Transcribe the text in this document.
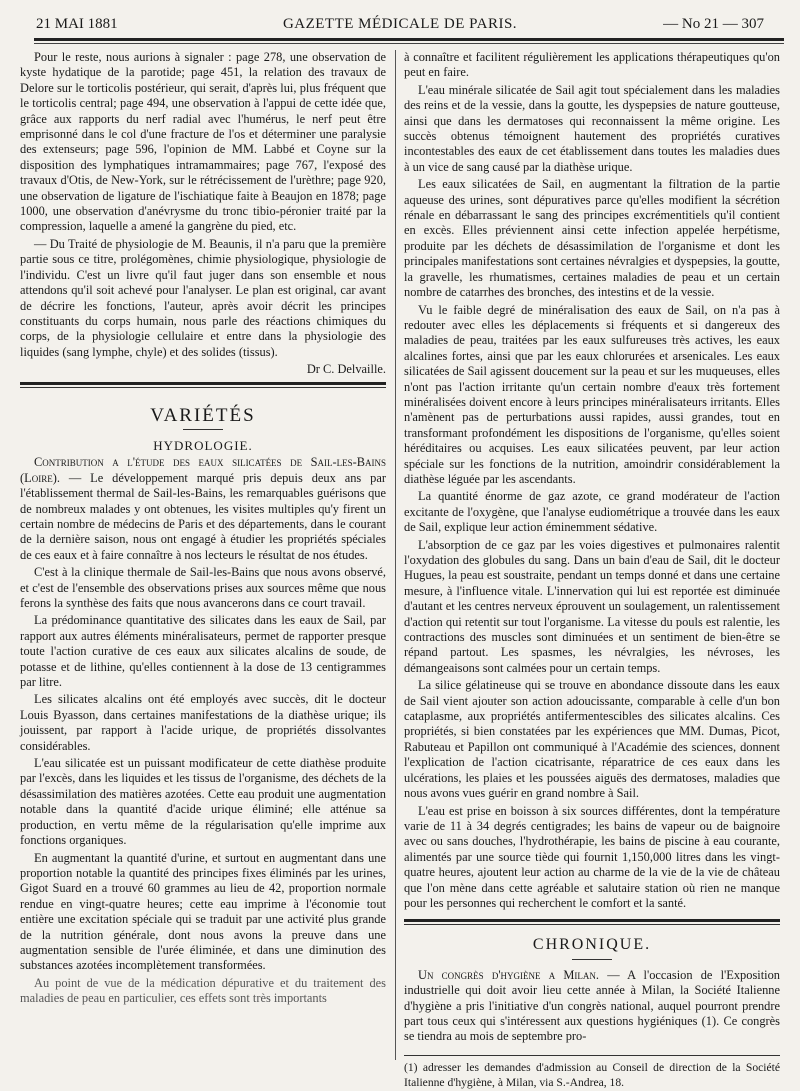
21 MAI 1881	GAZETTE MÉDICALE DE PARIS.	— No 21 — 307

Pour le reste, nous aurions à signaler : page 278, une observation de kyste hydatique de la parotide; page 451, la relation des travaux de Delore sur le torticolis postérieur, qui serait, d'après lui, plus fréquent que le torticolis central; page 494, une observation à l'appui de cette idée que, grâce aux rapports du nerf radial avec l'humérus, le nerf peut être emprisonné dans le col d'une fracture de l'os et déterminer une paralysie des extenseurs; page 596, l'opinion de MM. Labbé et Coyne sur la disposition des lymphatiques intramammaires; page 767, l'exposé des travaux d'Otis, de New-York, sur le rétrécissement de l'urèthre; page 920, une observation de ligature de l'ischiatique faite à Beaujon en 1878; page 1000, une observation d'anévrysme du tronc tibio-péronier traité par la compression, laquelle a amené la gangrène du pied, etc.

— Du Traité de physiologie de M. Beaunis, il n'a paru que la première partie sous ce titre, prolégomènes, chimie physiologique, physiologie de l'individu. C'est un livre qu'il faut juger dans son ensemble et nous attendons qu'il soit achevé pour l'analyser. Le plan est original, car avant de décrire les fonctions, l'auteur, après avoir décrit les principes constituants du corps humain, nous parle des réactions chimiques du corps, de la physiologie cellulaire et entre dans la physiologie des liquides (sang lymphe, chyle) et des solides (tissus).

Dr C. Delvaille.

VARIÉTÉS

HYDROLOGIE.

Contribution a l'étude des eaux silicatées de Sail-les-Bains (Loire). — Le développement marqué pris depuis deux ans par l'établissement thermal de Sail-les-Bains, les remarquables guérisons que de nombreux malades y ont obtenues, les visites multiples qu'y firent un certain nombre de médecins de Paris et des départements, dans le courant de la dernière saison, nous ont engagé à étudier les propriétés spéciales de ces eaux et à faire connaître à nos lecteurs le résultat de nos études.

C'est à la clinique thermale de Sail-les-Bains que nous avons observé, et c'est de l'ensemble des observations prises aux sources même que nous ferons la synthèse des faits que nous avancerons dans ce court travail.

La prédominance quantitative des silicates dans les eaux de Sail, par rapport aux autres éléments minéralisateurs, permet de rapporter presque toute l'action curative de ces eaux aux silicates alcalins de soude, de potasse et de lithine, qu'elles contiennent à la dose de 13 centigrammes par litre.

Les silicates alcalins ont été employés avec succès, dit le docteur Louis Byasson, dans certaines manifestations de la diathèse urique; ils jouissent, par rapport à l'acide urique, de propriétés dissolvantes considérables.

L'eau silicatée est un puissant modificateur de cette diathèse produite par l'excès, dans les liquides et les tissus de l'organisme, des déchets de la désassimilation des matières azotées. Cette eau produit une augmentation notable dans la quantité d'acide urique éliminé; elle atténue sa production, en vertu même de la régularisation qu'elle imprime aux fonctions organiques.

En augmentant la quantité d'urine, et surtout en augmentant dans une proportion notable la quantité des principes fixes éliminés par les urines, Gigot Suard en a trouvé 60 grammes au lieu de 42, proportion normale rendue en vingt-quatre heures; cette eau imprime à l'économie tout entière une excitation spéciale qui se traduit par une activité plus grande de la nutrition générale, dont nous avons la preuve dans une augmentation sensible de l'urée éliminée, et dans une diminution des substances azotées incomplètement transformées.

Au point de vue de la médication dépurative et du traitement des maladies de peau en particulier, ces effets sont très importants

à connaître et facilitent régulièrement les applications thérapeutiques qu'on peut en faire.

L'eau minérale silicatée de Sail agit tout spécialement dans les maladies des reins et de la vessie, dans la goutte, les dyspepsies de nature goutteuse, ainsi que dans les dermatoses qui reconnaissent la même origine. Les succès obtenus témoignent hautement des propriétés curatives incontestables des eaux de cet établissement dans toutes les maladies dues à un vice de sang causé par la diathèse urique.

Les eaux silicatées de Sail, en augmentant la filtration de la partie aqueuse des urines, sont dépuratives parce qu'elles modifient la sécrétion rénale en débarrassant le sang des principes excrémentitiels qu'il contient en excès. Elles préviennent ainsi cette infection appelée herpétisme, produite par les déchets de désassimilation de l'organisme et dont les principales manifestations sont certaines névralgies et dyspepsies, la goutte, la gravelle, les rhumatismes, certaines maladies de peau et un certain nombre de catarrhes des bronches, des intestins et de la vessie.

Vu le faible degré de minéralisation des eaux de Sail, on n'a pas à redouter avec elles les déplacements si fréquents et si dangereux des maladies de peau, traitées par les eaux sulfureuses très actives, les eaux alcalines fortes, ainsi que par les eaux chlorurées et arsenicales. Les eaux silicatées de Sail agissent doucement sur la peau et sur les muqueuses, elles n'ont pas l'action irritante qu'un certain nombre d'eaux très fortement minéralisées doivent encore à leurs principes minéralisateurs irritants. Elles n'amènent pas de perturbations aussi rapides, aussi grandes, tout en transformant profondément les dispositions de l'organisme, qu'elles soient héréditaires ou acquises. Les eaux silicatées peuvent, par leur action spéciale sur les fonctions de la nutrition, amoindrir considérablement la diathèse léguée par les ascendants.

La quantité énorme de gaz azote, ce grand modérateur de l'action excitante de l'oxygène, que l'analyse eudiométrique a trouvée dans les eaux de Sail, explique leur action éminemment sédative.

L'absorption de ce gaz par les voies digestives et pulmonaires ralentit l'oxydation des globules du sang. Dans un bain d'eau de Sail, dit le docteur Hugues, la peau est soustraite, pendant un temps donné et dans une certaine mesure, à l'influence vitale. L'innervation qui lui est reportée est diminuée d'autant et les centres nerveux éprouvent un soulagement, un ralentissement d'action qui retentit sur tout l'organisme. La vitesse du pouls est ralentie, les contractions des muscles sont diminuées et un sentiment de bien-être se répand partout. Les spasmes, les névralgies, les névroses, les démangeaisons sont calmées pour un certain temps.

La silice gélatineuse qui se trouve en abondance dissoute dans les eaux de Sail vient ajouter son action adoucissante, comparable à celle d'un bon cataplasme, aux propriétés antifermentescibles des silicates alcalins. Ces propriétés, si bien constatées par les expériences que MM. Dumas, Picot, Rabuteau et Papillon ont communiqué à l'Académie des sciences, donnent l'explication de l'action cicatrisante, réparatrice de ces eaux dans les ulcérations, les plaies et les poussées aiguës des dermatoses, maladies que nous avons vues guérir en grand nombre à Sail.

L'eau est prise en boisson à six sources différentes, dont la température varie de 11 à 34 degrés centigrades; les bains de vapeur ou de baignoire avec ou sans douches, l'hydrothérapie, les bains de piscine à eau courante, alimentés par une source tiède qui fournit 1,150,000 litres dans les vingt-quatre heures, ajoutent leur action au charme de la vie de la vie de château que l'on mène dans cette agréable et salutaire station où rien ne manque pour les personnes qui recherchent le comfort et la santé.

CHRONIQUE.

Un congrès d'hygiène a Milan. — A l'occasion de l'Exposition industrielle qui doit avoir lieu cette année à Milan, la Société Italienne d'hygiène a pris l'initiative d'un congrès national, auquel pourront prendre part tous ceux qui s'intéressent aux questions hygiéniques (1). Ce congrès se tiendra au mois de septembre pro-

(1) adresser les demandes d'admission au Conseil de direction de la Société Italienne d'hygiène, à Milan, via S.-Andrea, 18.
